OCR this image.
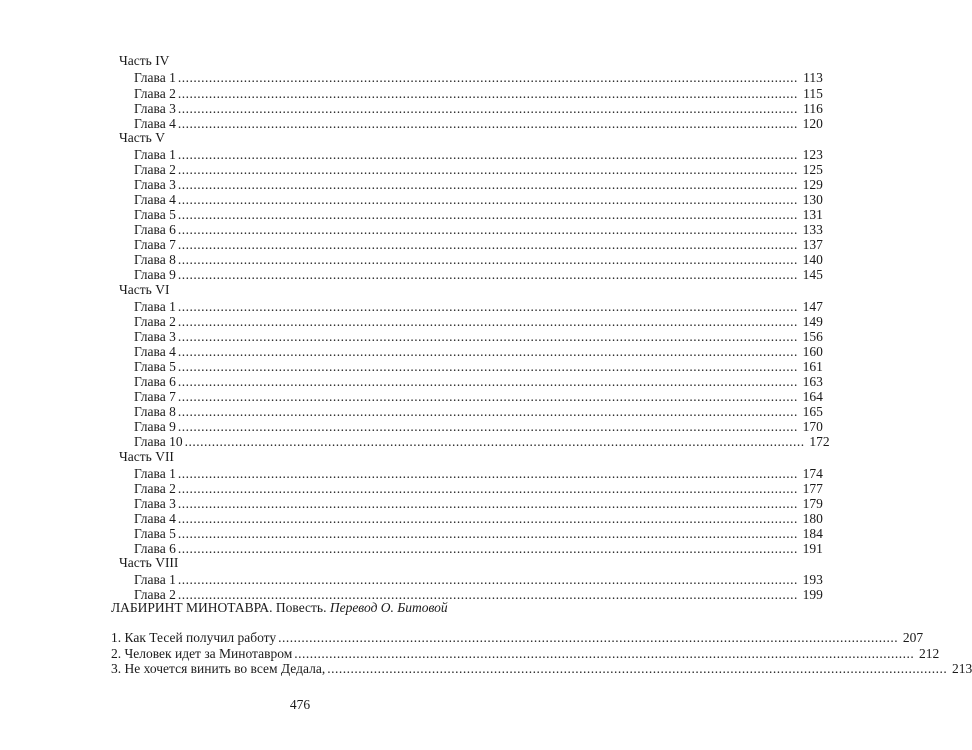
Часть IV
Глава 1 ................................................................................................................................................................ 113
Глава 2 ................................................................................................................................................................ 115
Глава 3 ................................................................................................................................................................ 116
Глава 4 ................................................................................................................................................................ 120
Часть V
Глава 1 ................................................................................................................................................................ 123
Глава 2 ................................................................................................................................................................ 125
Глава 3 ................................................................................................................................................................ 129
Глава 4 ................................................................................................................................................................ 130
Глава 5 ................................................................................................................................................................ 131
Глава 6 ................................................................................................................................................................ 133
Глава 7 ................................................................................................................................................................ 137
Глава 8 ................................................................................................................................................................ 140
Глава 9 ................................................................................................................................................................ 145
Часть VI
Глава 1 ................................................................................................................................................................ 147
Глава 2 ................................................................................................................................................................ 149
Глава 3 ................................................................................................................................................................ 156
Глава 4 ................................................................................................................................................................ 160
Глава 5 ................................................................................................................................................................ 161
Глава 6 ................................................................................................................................................................ 163
Глава 7 ................................................................................................................................................................ 164
Глава 8 ................................................................................................................................................................ 165
Глава 9 ................................................................................................................................................................ 170
Глава 10 ................................................................................................................................................................ 172
Часть VII
Глава 1 ................................................................................................................................................................ 174
Глава 2 ................................................................................................................................................................ 177
Глава 3 ................................................................................................................................................................ 179
Глава 4 ................................................................................................................................................................ 180
Глава 5 ................................................................................................................................................................ 184
Глава 6 ................................................................................................................................................................ 191
Часть VIII
Глава 1 ................................................................................................................................................................ 193
Глава 2 ................................................................................................................................................................ 199
ЛАБИРИНТ МИНОТАВРА. Повесть. Перевод О. Битовой
1. Как Тесей получил работу ................................................................................................................................................................ 207
2. Человек идет за Минотавром ................................................................................................................................................................ 212
3. Не хочется винить во всем Дедала, ................................................................................................................................................................ 213
476
